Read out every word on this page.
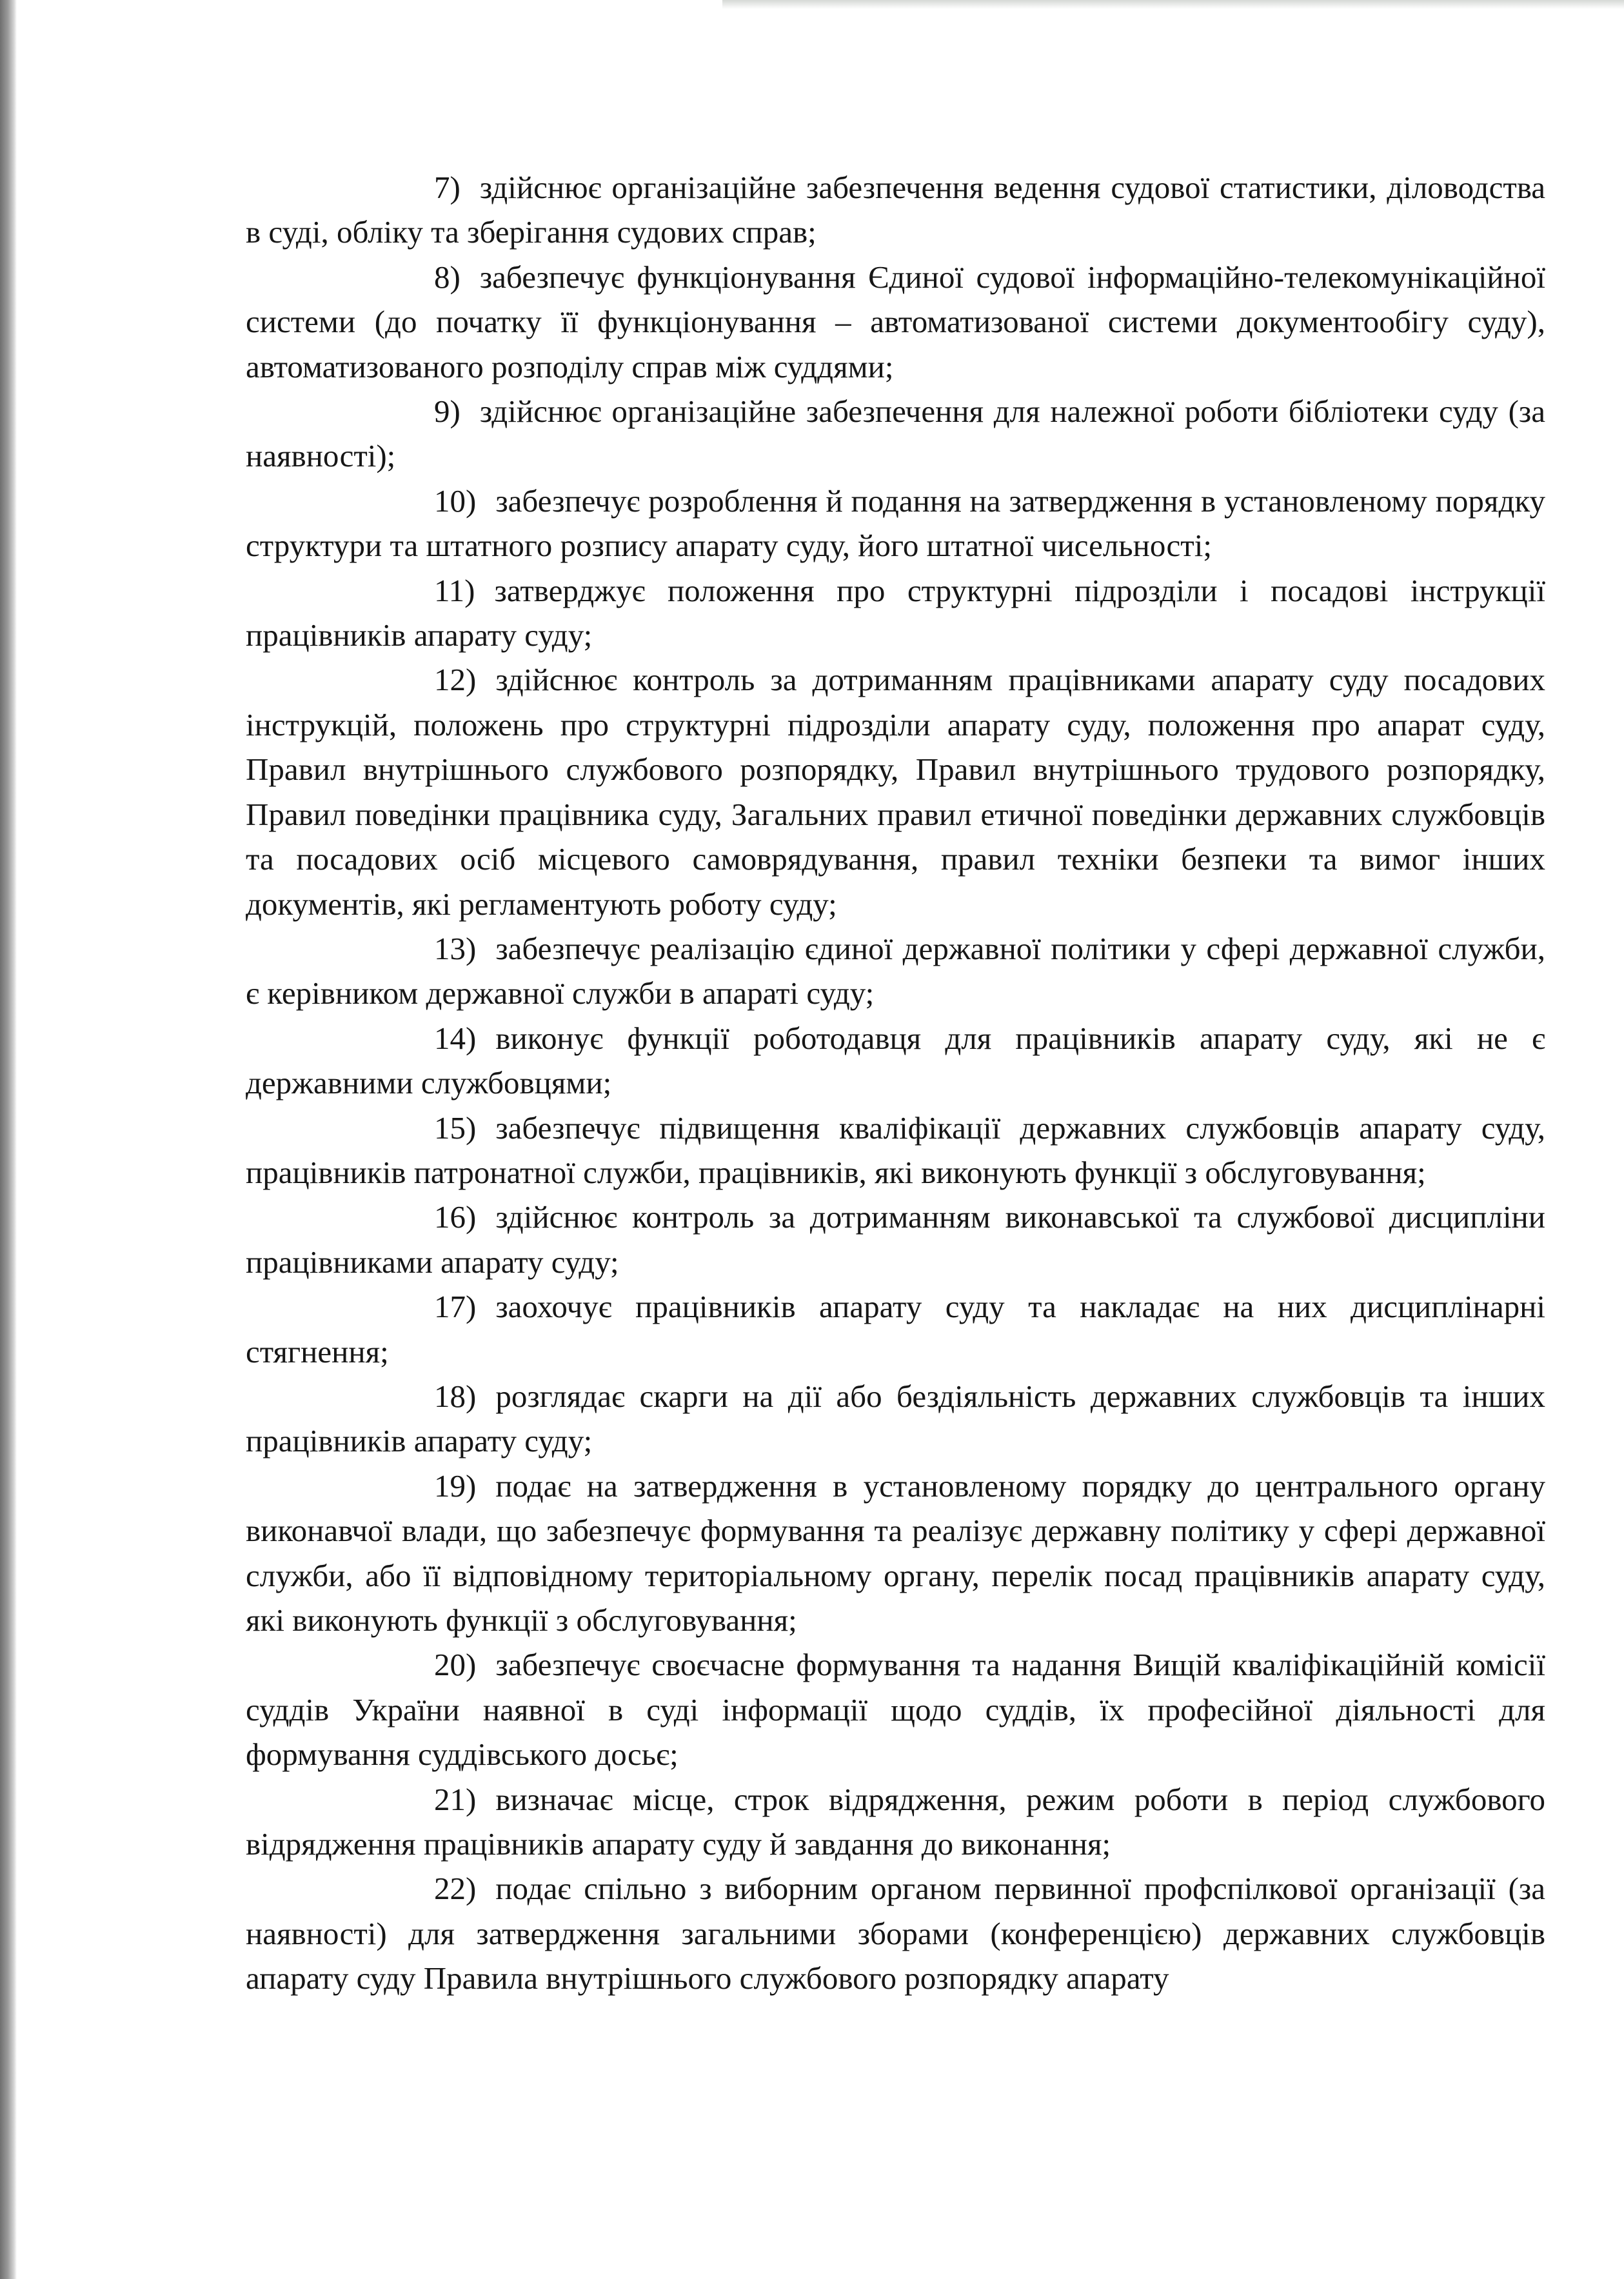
7) здійснює організаційне забезпечення ведення судової статистики, діловодства в суді, обліку та зберігання судових справ;

8) забезпечує функціонування Єдиної судової інформаційно-телекомунікаційної системи (до початку її функціонування – автоматизованої системи документообігу суду), автоматизованого розподілу справ між суддями;

9) здійснює організаційне забезпечення для належної роботи бібліотеки суду (за наявності);

10) забезпечує розроблення й подання на затвердження в установленому порядку структури та штатного розпису апарату суду, його штатної чисельності;

11) затверджує положення про структурні підрозділи і посадові інструкції працівників апарату суду;

12) здійснює контроль за дотриманням працівниками апарату суду посадових інструкцій, положень про структурні підрозділи апарату суду, положення про апарат суду, Правил внутрішнього службового розпорядку, Правил внутрішнього трудового розпорядку, Правил поведінки працівника суду, Загальних правил етичної поведінки державних службовців та посадових осіб місцевого самоврядування, правил техніки безпеки та вимог інших документів, які регламентують роботу суду;

13) забезпечує реалізацію єдиної державної політики у сфері державної служби, є керівником державної служби в апараті суду;

14) виконує функції роботодавця для працівників апарату суду, які не є державними службовцями;

15) забезпечує підвищення кваліфікації державних службовців апарату суду, працівників патронатної служби, працівників, які виконують функції з обслуговування;

16) здійснює контроль за дотриманням виконавської та службової дисципліни працівниками апарату суду;

17) заохочує працівників апарату суду та накладає на них дисциплінарні стягнення;

18) розглядає скарги на дії або бездіяльність державних службовців та інших працівників апарату суду;

19) подає на затвердження в установленому порядку до центрального органу виконавчої влади, що забезпечує формування та реалізує державну політику у сфері державної служби, або її відповідному територіальному органу, перелік посад працівників апарату суду, які виконують функції з обслуговування;

20) забезпечує своєчасне формування та надання Вищій кваліфікаційній комісії суддів України наявної в суді інформації щодо суддів, їх професійної діяльності для формування суддівського досьє;

21) визначає місце, строк відрядження, режим роботи в період службового відрядження працівників апарату суду й завдання до виконання;

22) подає спільно з виборним органом первинної профспілкової організації (за наявності) для затвердження загальними зборами (конференцією) державних службовців апарату суду Правила внутрішнього службового розпорядку апарату
